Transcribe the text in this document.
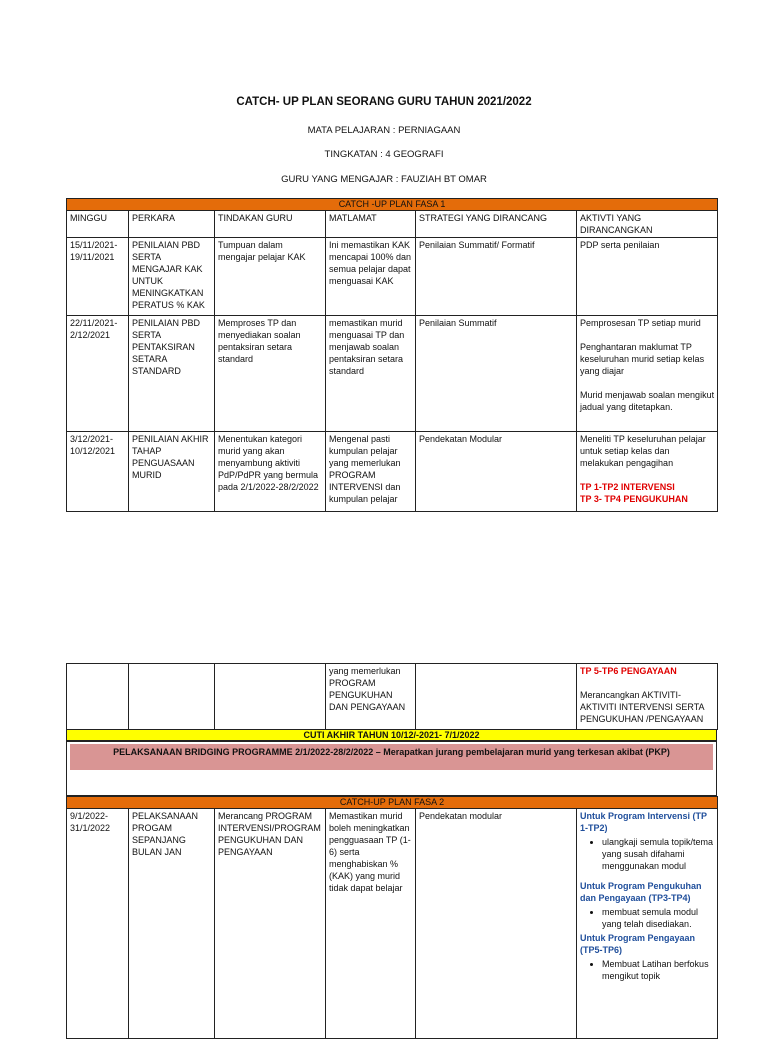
CATCH- UP PLAN SEORANG GURU TAHUN 2021/2022
MATA PELAJARAN : PERNIAGAAN
TINGKATAN : 4 GEOGRAFI
GURU YANG MENGAJAR : FAUZIAH BT OMAR
CATCH -UP PLAN FASA 1					
MINGGU	PERKARA	TINDAKAN GURU	MATLAMAT	STRATEGI YANG DIRANCANG	AKTIVTI YANG DIRANCANGKAN
15/11/2021-19/11/2021	PENILAIAN PBD SERTA MENGAJAR KAK UNTUK MENINGKATKAN PERATUS % KAK	Tumpuan dalam mengajar pelajar KAK	Ini memastikan KAK mencapai 100% dan semua pelajar dapat menguasai KAK	Penilaian Summatif/ Formatif	PDP serta penilaian
22/11/2021-2/12/2021	PENILAIAN PBD SERTA PENTAKSIRAN SETARA STANDARD	Memproses TP dan menyediakan soalan pentaksiran setara standard	memastikan murid menguasai TP dan menjawab soalan pentaksiran setara standard	Penilaian Summatif	Pemprosesan TP setiap murid

Penghantaran maklumat TP keseluruhan murid setiap kelas yang diajar

Murid menjawab soalan mengikut jadual yang ditetapkan.

3/12/2021-10/12/2021	PENILAIAN AKHIR TAHAP PENGUASAAN MURID	Menentukan kategori murid yang akan menyambung aktiviti PdP/PdPR yang bermula pada 2/1/2022-28/2/2022	Mengenal pasti kumpulan pelajar yang memerlukan PROGRAM INTERVENSI dan kumpulan pelajar	Pendekatan Modular	Meneliti TP keseluruhan pelajar untuk setiap kelas dan melakukan pengagihan

TP 1-TP2 INTERVENSI

TP 3- TP4 PENGUKUHAN

			yang memerlukan PROGRAM PENGUKUHAN DAN PENGAYAAN		

TP 5-TP6 PENGAYAAN

Merancangkan AKTIVITI-AKTIVITI INTERVENSI SERTA PENGUKUHAN /PENGAYAAN

CUTI AKHIR TAHUN 10/12/-2021- 7/1/2022
PELAKSANAAN BRIDGING PROGRAMME 2/1/2022-28/2/2022 – Merapatkan jurang pembelajaran murid yang terkesan akibat (PKP)
CATCH-UP PLAN FASA 2
9/1/2022-31/1/2022	PELAKSANAAN PROGAM SEPANJANG BULAN JAN	Merancang PROGRAM INTERVENSI/PROGRAM PENGUKUHAN DAN PENGAYAAN	Memastikan murid boleh meningkatkan pengguasaan TP (1-6) serta menghabiskan % (KAK) yang murid tidak dapat belajar	Pendekatan modular	Untuk Program Intervensi (TP 1-TP2)

• ulangkaji semula topik/tema yang susah difahami menggunakan modul

Untuk Program Pengukuhan dan Pengayaan (TP3-TP4)

• membuat semula modul yang telah disediakan.

Untuk Program Pengayaan (TP5-TP6)

• Membuat Latihan berfokus mengikut topik
